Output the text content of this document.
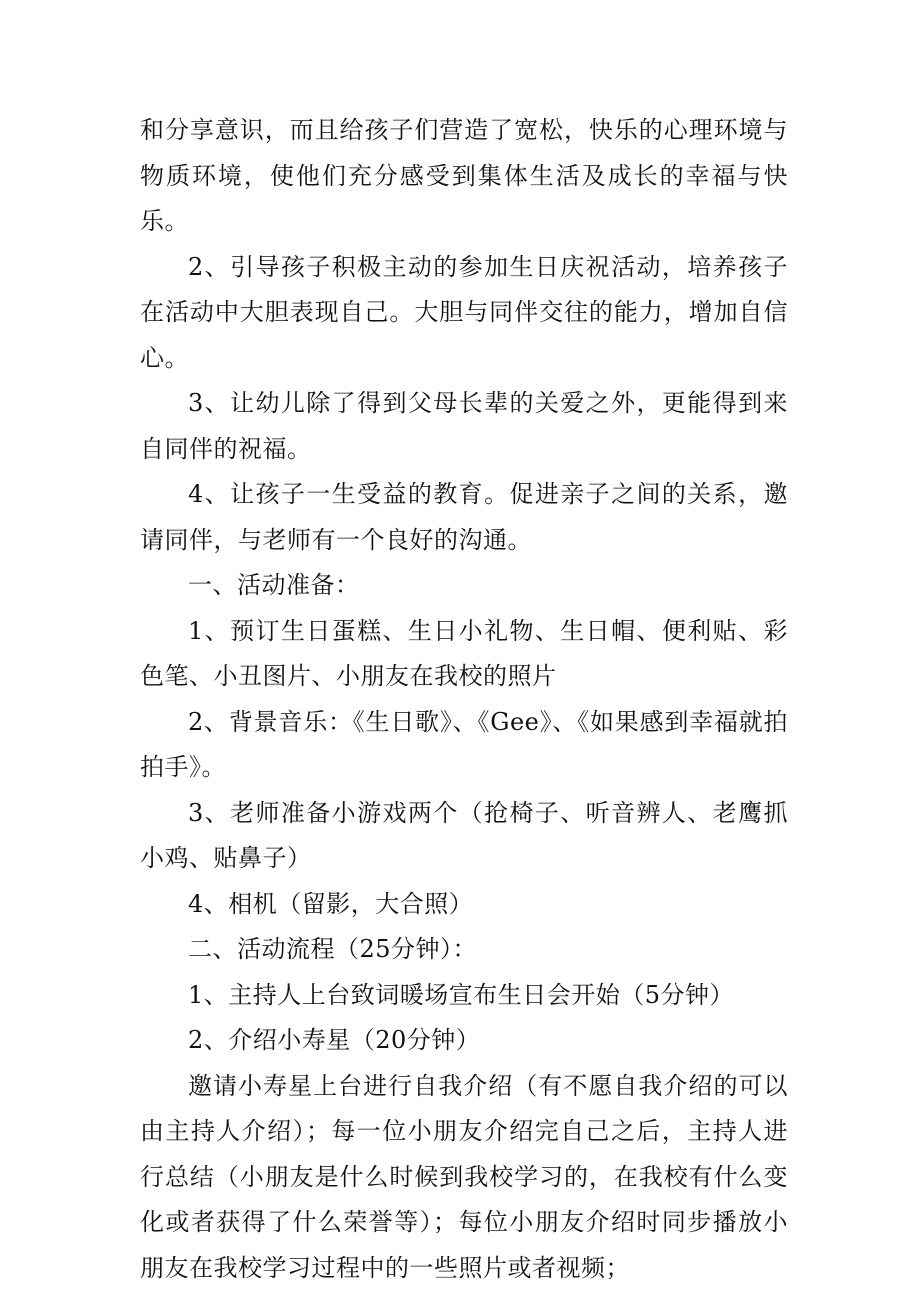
和分享意识，而且给孩子们营造了宽松，快乐的心理环境与物质环境，使他们充分感受到集体生活及成长的幸福与快乐。

2、引导孩子积极主动的参加生日庆祝活动，培养孩子在活动中大胆表现自己。大胆与同伴交往的能力，增加自信心。

3、让幼儿除了得到父母长辈的关爱之外，更能得到来自同伴的祝福。

4、让孩子一生受益的教育。促进亲子之间的关系，邀请同伴，与老师有一个良好的沟通。

一、活动准备：

1、预订生日蛋糕、生日小礼物、生日帽、便利贴、彩色笔、小丑图片、小朋友在我校的照片

2、背景音乐：《生日歌》、《Gee》、《如果感到幸福就拍拍手》。

3、老师准备小游戏两个（抢椅子、听音辨人、老鹰抓小鸡、贴鼻子）

4、相机（留影，大合照）

二、活动流程（25分钟）：

1、主持人上台致词暖场宣布生日会开始（5分钟）

2、介绍小寿星（20分钟）

邀请小寿星上台进行自我介绍（有不愿自我介绍的可以由主持人介绍）；每一位小朋友介绍完自己之后，主持人进行总结（小朋友是什么时候到我校学习的，在我校有什么变化或者获得了什么荣誉等）；每位小朋友介绍时同步播放小朋友在我校学习过程中的一些照片或者视频；
